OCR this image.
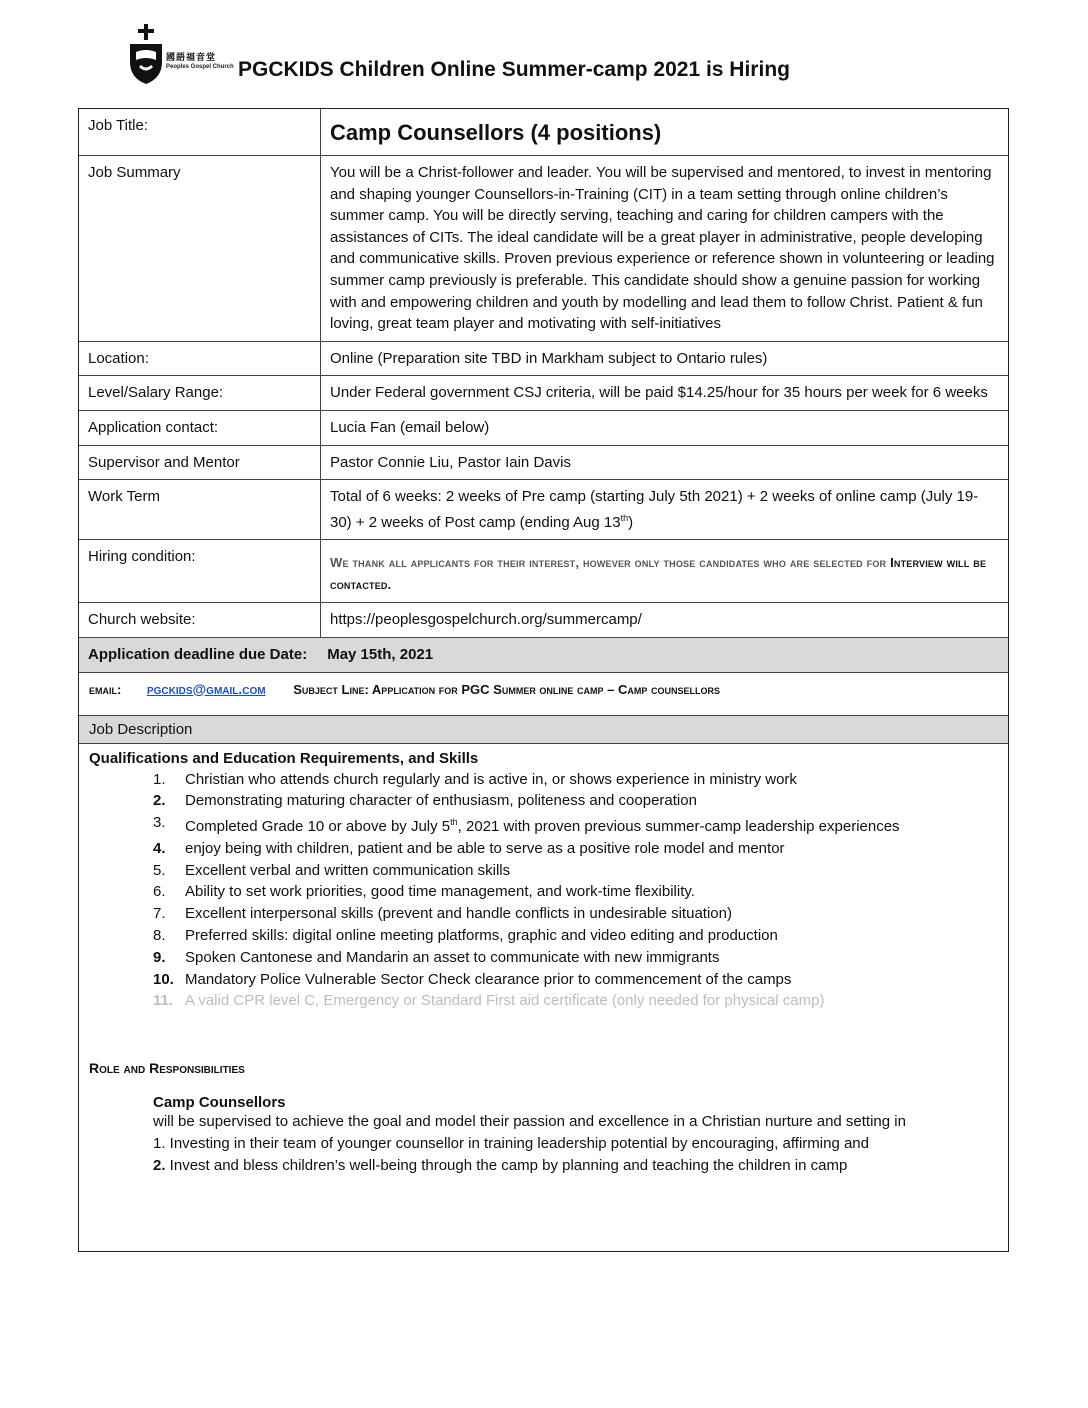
國語福音堂
Peoples Gospel Church PGCKIDS Children Online Summer-camp 2021 is Hiring
Job Title:	Camp Counsellors (4 positions)

Job Summary	You will be a Christ-follower and leader. You will be supervised and mentored, to invest in mentoring and shaping younger Counsellors-in-Training (CIT) in a team setting through online children’s summer camp. You will be directly serving, teaching and caring for children campers with the assistances of CITs. The ideal candidate will be a great player in administrative, people developing and communicative skills. Proven previous experience or reference shown in volunteering or leading summer camp previously is preferable. This candidate should show a genuine passion for working with and empowering children and youth by modelling and lead them to follow Christ. Patient & fun loving, great team player and motivating with self-initiatives
Location:	Online (Preparation site TBD in Markham subject to Ontario rules)
Level/Salary Range:	Under Federal government CSJ criteria, will be paid $14.25/hour for 35 hours per week for 6 weeks
Application contact:	Lucia Fan (email below)
Supervisor and Mentor	Pastor Connie Liu, Pastor Iain Davis
Work Term	Total of 6 weeks: 2 weeks of Pre camp (starting July 5th 2021) + 2 weeks of online camp (July 19-30) + 2 weeks of Post camp (ending Aug 13th)
Hiring condition:	We thank all applicants for their interest, however only those candidates who are selected for Interview will be contacted.

Church website:	https://peoplesgospelchurch.org/summercamp/
Application deadline due Date: May 15th, 2021	
email: pgckids@gmail.com Subject Line: Application for PGC Summer online camp – Camp counsellors
Job Description
Qualifications and Education Requirements, and Skills
1.	Christian who attends church regularly and is active in, or shows experience in ministry work
2.	Demonstrating maturing character of enthusiasm, politeness and cooperation
3.	Completed Grade 10 or above by July 5th, 2021 with proven previous summer-camp leadership experiences
4.	enjoy being with children, patient and be able to serve as a positive role model and mentor
5.	Excellent verbal and written communication skills
6.	Ability to set work priorities, good time management, and work-time flexibility.
7.	Excellent interpersonal skills (prevent and handle conflicts in undesirable situation)
8.	Preferred skills: digital online meeting platforms, graphic and video editing and production
9.	Spoken Cantonese and Mandarin an asset to communicate with new immigrants
10. Mandatory Police Vulnerable Sector Check clearance prior to commencement of the camps
11. A valid CPR level C, Emergency or Standard First aid certificate (only needed for physical camp)
Role and Responsibilities
Camp Counsellors
will be supervised to achieve the goal and model their passion and excellence in a Christian nurture and setting in
1. Investing in their team of younger counsellor in training leadership potential by encouraging, affirming and
2. Invest and bless children’s well-being through the camp by planning and teaching the children in camp
